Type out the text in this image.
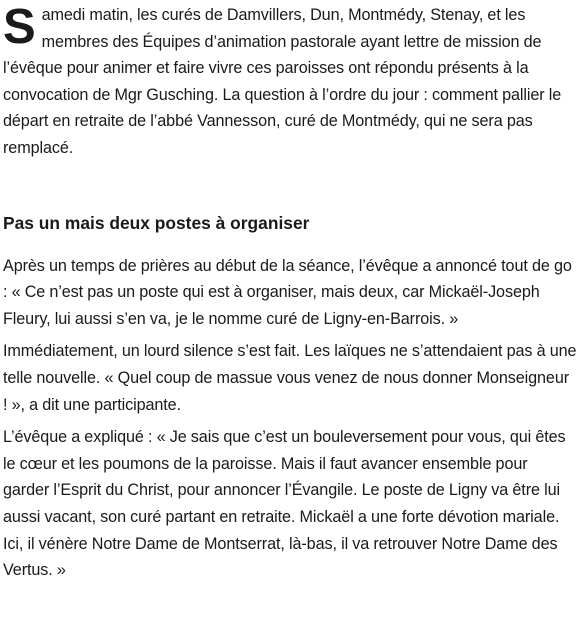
S amedi matin, les curés de Damvillers, Dun, Montmédy, Stenay, et les membres des Équipes d’animation pastorale ayant lettre de mission de l’évêque pour animer et faire vivre ces paroisses ont répondu présents à la convocation de Mgr Gusching. La question à l’ordre du jour : comment pallier le départ en retraite de l’abbé Vannesson, curé de Montmédy, qui ne sera pas remplacé.

Pas un mais deux postes à organiser

Après un temps de prières au début de la séance, l’évêque a annoncé tout de go : « Ce n’est pas un poste qui est à organiser, mais deux, car Mickaël-Joseph Fleury, lui aussi s’en va, je le nomme curé de Ligny-en-Barrois. »

Immédiatement, un lourd silence s’est fait. Les laïques ne s’attendaient pas à une telle nouvelle. « Quel coup de massue vous venez de nous donner Monseigneur ! », a dit une participante.

L’évêque a expliqué : « Je sais que c’est un bouleversement pour vous, qui êtes le cœur et les poumons de la paroisse. Mais il faut avancer ensemble pour garder l’Esprit du Christ, pour annoncer l’Évangile. Le poste de Ligny va être lui aussi vacant, son curé partant en retraite. Mickaël a une forte dévotion mariale. Ici, il vénère Notre Dame de Montserrat, là-bas, il va retrouver Notre Dame des Vertus. »
